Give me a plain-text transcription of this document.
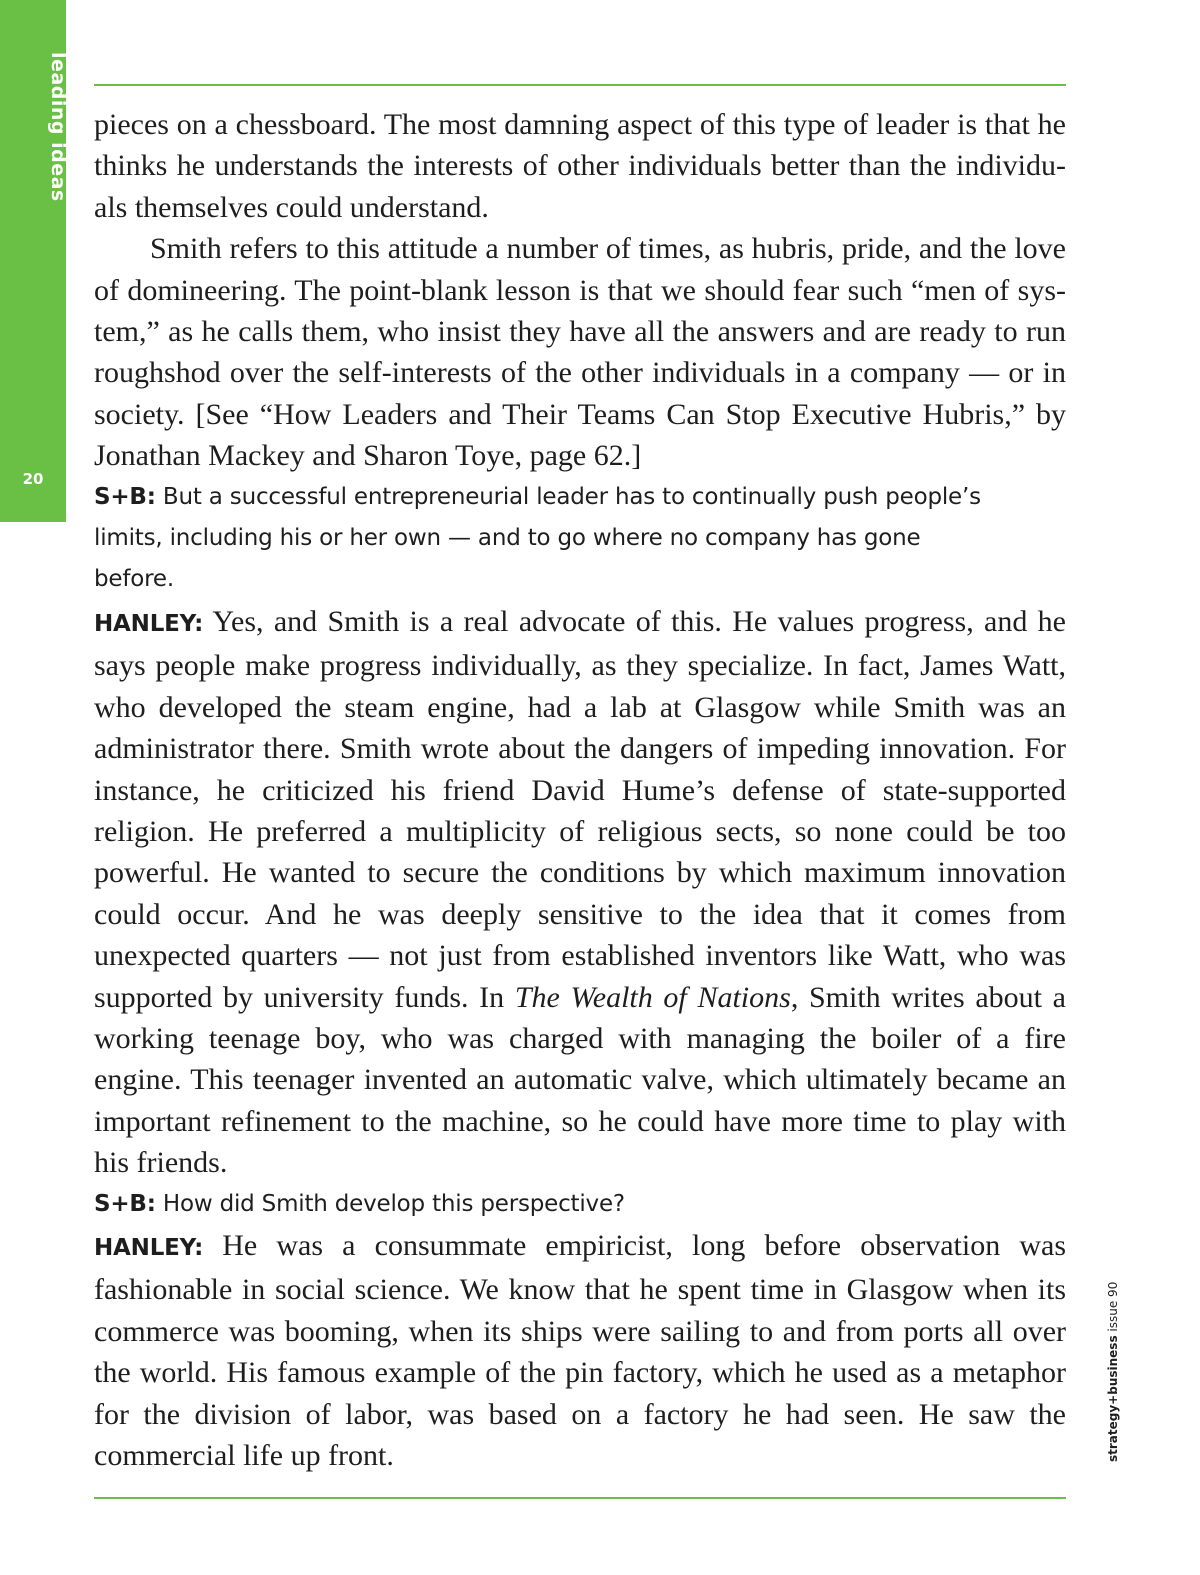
leading ideas
20

pieces on a chessboard. The most damning aspect of this type of leader is that he thinks he understands the interests of other individuals better than the individuals themselves could understand.

Smith refers to this attitude a number of times, as hubris, pride, and the love of domineering. The point-blank lesson is that we should fear such “men of system,” as he calls them, who insist they have all the answers and are ready to run roughshod over the self-interests of the other individuals in a company — or in society. [See “How Leaders and Their Teams Can Stop Executive Hubris,” by Jonathan Mackey and Sharon Toye, page 62.]

S+B: But a successful entrepreneurial leader has to continually push people’s limits, including his or her own — and to go where no company has gone before.

HANLEY: Yes, and Smith is a real advocate of this. He values progress, and he says people make progress individually, as they specialize. In fact, James Watt, who developed the steam engine, had a lab at Glasgow while Smith was an administrator there. Smith wrote about the dangers of impeding innovation. For instance, he criticized his friend David Hume’s defense of state-supported religion. He preferred a multiplicity of religious sects, so none could be too powerful. He wanted to secure the conditions by which maximum innovation could occur. And he was deeply sensitive to the idea that it comes from unexpected quarters — not just from established inventors like Watt, who was supported by university funds. In The Wealth of Nations, Smith writes about a working teenage boy, who was charged with managing the boiler of a fire engine. This teenager invented an automatic valve, which ultimately became an important refinement to the machine, so he could have more time to play with his friends.

S+B: How did Smith develop this perspective?

HANLEY: He was a consummate empiricist, long before observation was fashionable in social science. We know that he spent time in Glasgow when its commerce was booming, when its ships were sailing to and from ports all over the world. His famous example of the pin factory, which he used as a metaphor for the division of labor, was based on a factory he had seen. He saw the commercial life up front.	strategy+business issue 90
